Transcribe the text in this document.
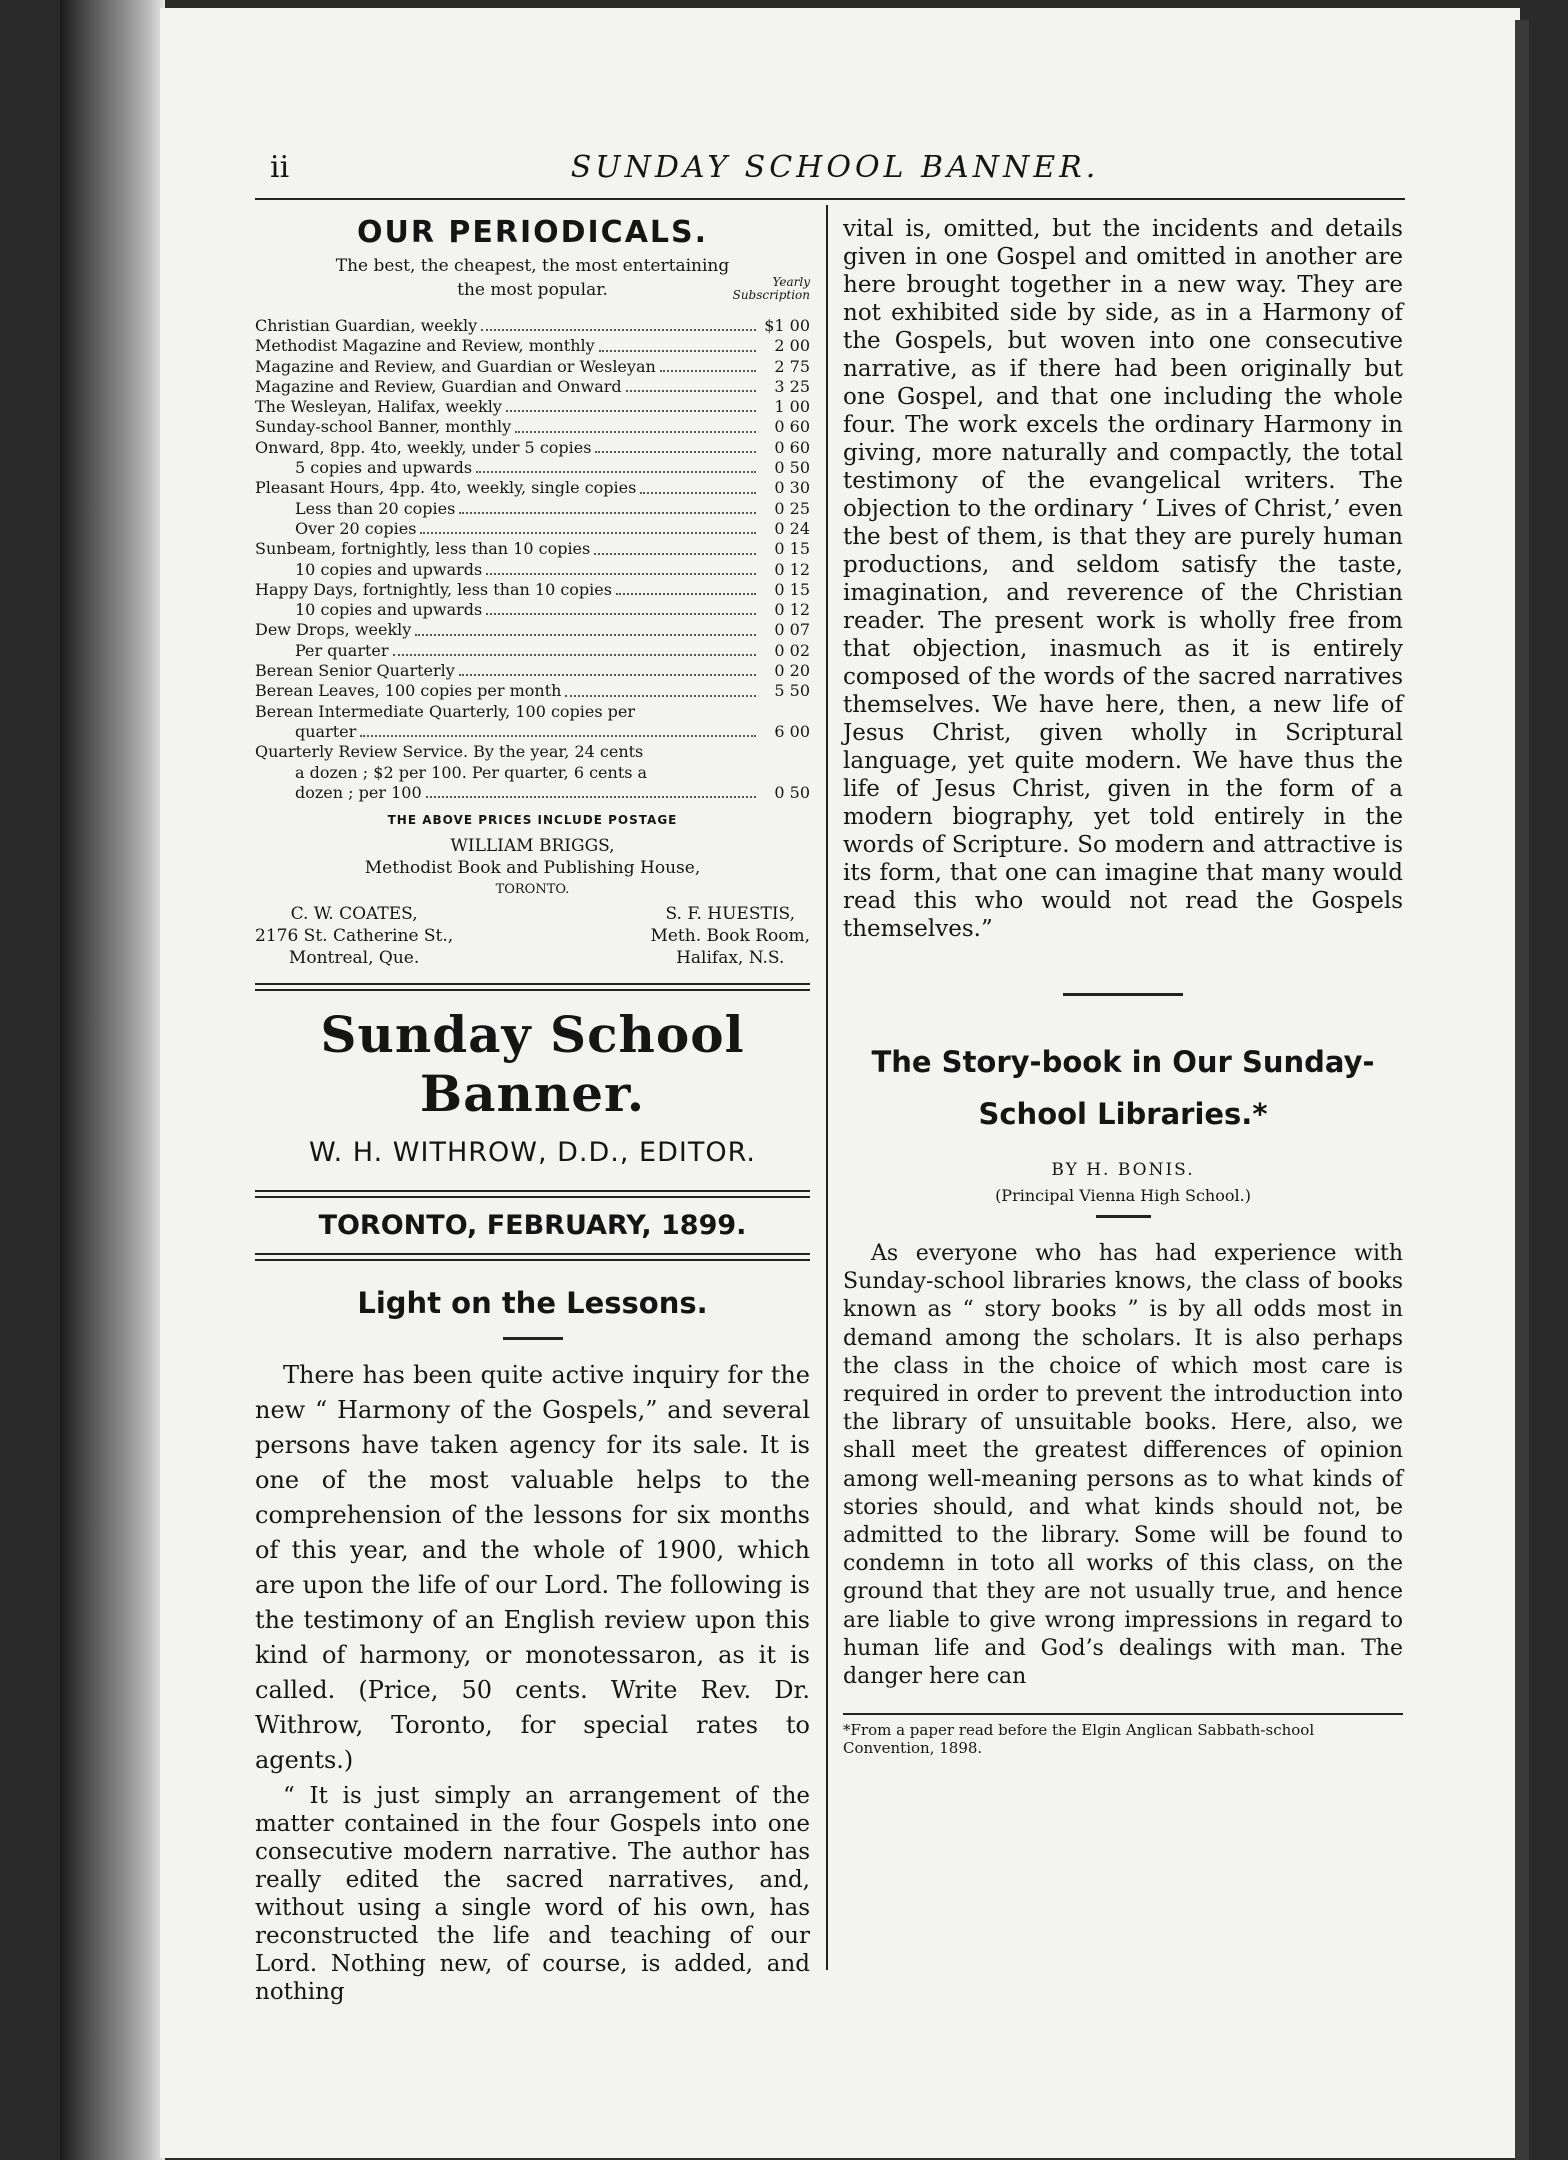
ii	SUNDAY SCHOOL BANNER.
OUR PERIODICALS.
The best, the cheapest, the most entertaining
the most popular.	Yearly
Subscription
Christian Guardian, weekly	$1 00
Methodist Magazine and Review, monthly	2 00
Magazine and Review, and Guardian or Wesleyan	2 75
Magazine and Review, Guardian and Onward	3 25
The Wesleyan, Halifax, weekly	1 00
Sunday-school Banner, monthly	0 60
Onward, 8pp. 4to, weekly, under 5 copies	0 60
5 copies and upwards	0 50
Pleasant Hours, 4pp. 4to, weekly, single copies	0 30
Less than 20 copies	0 25
Over 20 copies	0 24
Sunbeam, fortnightly, less than 10 copies	0 15
10 copies and upwards	0 12
Happy Days, fortnightly, less than 10 copies	0 15
10 copies and upwards	0 12
Dew Drops, weekly	0 07
Per quarter	0 02
Berean Senior Quarterly	0 20
Berean Leaves, 100 copies per month	5 50
Berean Intermediate Quarterly, 100 copies per
quarter	6 00
Quarterly Review Service. By the year, 24 cents
a dozen ; $2 per 100. Per quarter, 6 cents a
dozen ; per 100	0 50
THE ABOVE PRICES INCLUDE POSTAGE
WILLIAM BRIGGS,
Methodist Book and Publishing House,
TORONTO.
C. W. COATES,
2176 St. Catherine St.,
Montreal, Que.
S. F. HUESTIS,
Meth. Book Room,
Halifax, N.S.
Sunday School Banner.
W. H. WITHROW, D.D., EDITOR.
TORONTO, FEBRUARY, 1899.
Light on the Lessons.

There has been quite active inquiry for the new “ Harmony of the Gospels,” and several persons have taken agency for its sale. It is one of the most valuable helps to the comprehension of the lessons for six months of this year, and the whole of 1900, which are upon the life of our Lord. The following is the testimony of an English review upon this kind of harmony, or monotessaron, as it is called. (Price, 50 cents. Write Rev. Dr. Withrow, Toronto, for special rates to agents.)

“ It is just simply an arrangement of the matter contained in the four Gospels into one consecutive modern narrative. The author has really edited the sacred narratives, and, without using a single word of his own, has reconstructed the life and teaching of our Lord. Nothing new, of course, is added, and nothing

vital is, omitted, but the incidents and details given in one Gospel and omitted in another are here brought together in a new way. They are not exhibited side by side, as in a Harmony of the Gospels, but woven into one consecutive narrative, as if there had been originally but one Gospel, and that one including the whole four. The work excels the ordinary Harmony in giving, more naturally and compactly, the total testimony of the evangelical writers. The objection to the ordinary ‘ Lives of Christ,’ even the best of them, is that they are purely human productions, and seldom satisfy the taste, imagination, and reverence of the Christian reader. The present work is wholly free from that objection, inasmuch as it is entirely composed of the words of the sacred narratives themselves. We have here, then, a new life of Jesus Christ, given wholly in Scriptural language, yet quite modern. We have thus the life of Jesus Christ, given in the form of a modern biography, yet told entirely in the words of Scripture. So modern and attractive is its form, that one can imagine that many would read this who would not read the Gospels themselves.”

The Story-book in Our Sunday-School Libraries.*
BY H. BONIS.
(Principal Vienna High School.)

As everyone who has had experience with Sunday-school libraries knows, the class of books known as “ story books ” is by all odds most in demand among the scholars. It is also perhaps the class in the choice of which most care is required in order to prevent the introduction into the library of unsuitable books. Here, also, we shall meet the greatest differences of opinion among well-meaning persons as to what kinds of stories should, and what kinds should not, be admitted to the library. Some will be found to condemn in toto all works of this class, on the ground that they are not usually true, and hence are liable to give wrong impressions in regard to human life and God’s dealings with man. The danger here can

*From a paper read before the Elgin Anglican Sabbath-school Convention, 1898.
